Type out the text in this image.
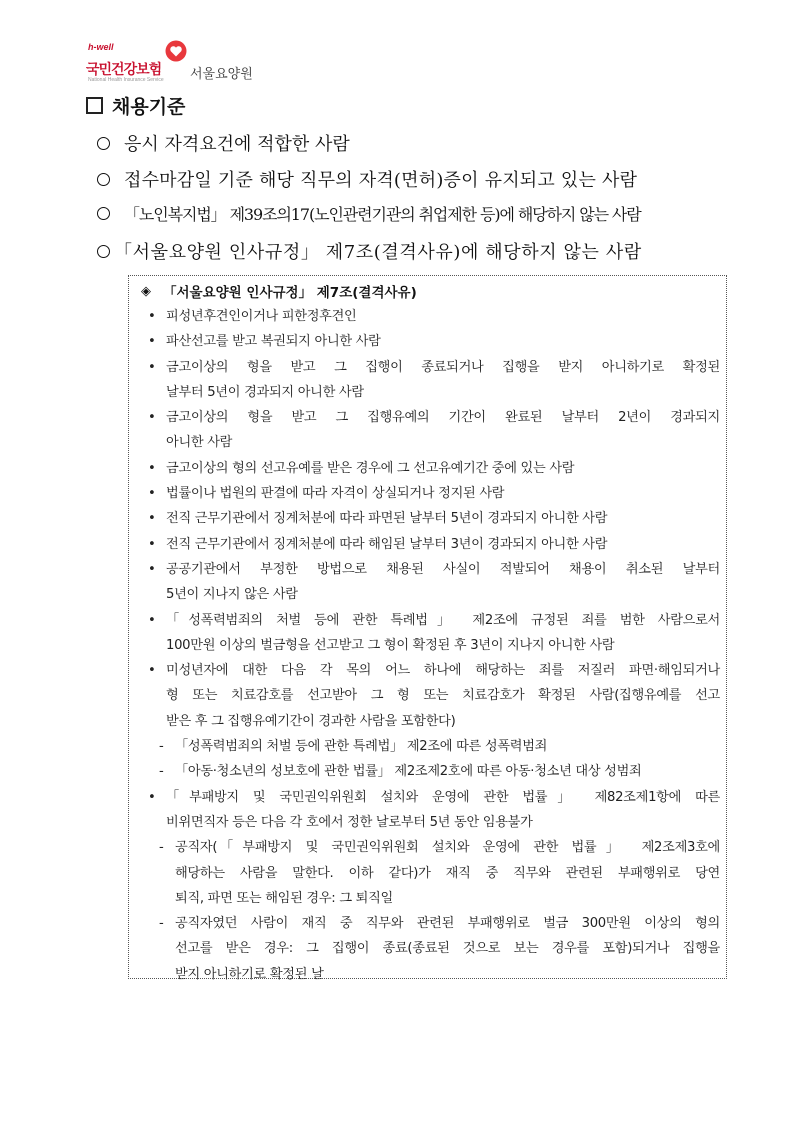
h-well
국민건강보험
National Health Insurance Service 서울요양원
채용기준
응시 자격요건에 적합한 사람
접수마감일 기준 해당 직무의 자격(면허)증이 유지되고 있는 사람
「노인복지법」 제39조의17(노인관련기관의 취업제한 등)에 해당하지 않는 사람
「서울요양원 인사규정」 제7조(결격사유)에 해당하지 않는 사람
◈ 「서울요양원 인사규정」 제7조(결격사유)
• 피성년후견인이거나 피한정후견인
• 파산선고를 받고 복권되지 아니한 사람
• 금고이상의 형을 받고 그 집행이 종료되거나 집행을 받지 아니하기로 확정된
날부터 5년이 경과되지 아니한 사람
• 금고이상의 형을 받고 그 집행유예의 기간이 완료된 날부터 2년이 경과되지
아니한 사람
• 금고이상의 형의 선고유예를 받은 경우에 그 선고유예기간 중에 있는 사람
• 법률이나 법원의 판결에 따라 자격이 상실되거나 정지된 사람
• 전직 근무기관에서 징계처분에 따라 파면된 날부터 5년이 경과되지 아니한 사람
• 전직 근무기관에서 징계처분에 따라 해임된 날부터 3년이 경과되지 아니한 사람
• 공공기관에서 부정한 방법으로 채용된 사실이 적발되어 채용이 취소된 날부터
5년이 지나지 않은 사람
• 「성폭력범죄의 처벌 등에 관한 특례법」 제2조에 규정된 죄를 범한 사람으로서
100만원 이상의 벌금형을 선고받고 그 형이 확정된 후 3년이 지나지 아니한 사람
• 미성년자에 대한 다음 각 목의 어느 하나에 해당하는 죄를 저질러 파면·해임되거나
형 또는 치료감호를 선고받아 그 형 또는 치료감호가 확정된 사람(집행유예를 선고
받은 후 그 집행유예기간이 경과한 사람을 포함한다)
- 「성폭력범죄의 처벌 등에 관한 특례법」 제2조에 따른 성폭력범죄
- 「아동·청소년의 성보호에 관한 법률」 제2조제2호에 따른 아동·청소년 대상 성범죄
• 「부패방지 및 국민권익위원회 설치와 운영에 관한 법률」 제82조제1항에 따른
비위면직자 등은 다음 각 호에서 정한 날로부터 5년 동안 임용불가
- 공직자(「부패방지 및 국민권익위원회 설치와 운영에 관한 법률」 제2조제3호에
해당하는 사람을 말한다. 이하 같다)가 재직 중 직무와 관련된 부패행위로 당연
퇴직, 파면 또는 해임된 경우: 그 퇴직일
- 공직자였던 사람이 재직 중 직무와 관련된 부패행위로 벌금 300만원 이상의 형의
선고를 받은 경우: 그 집행이 종료(종료된 것으로 보는 경우를 포함)되거나 집행을
받지 아니하기로 확정된 날
